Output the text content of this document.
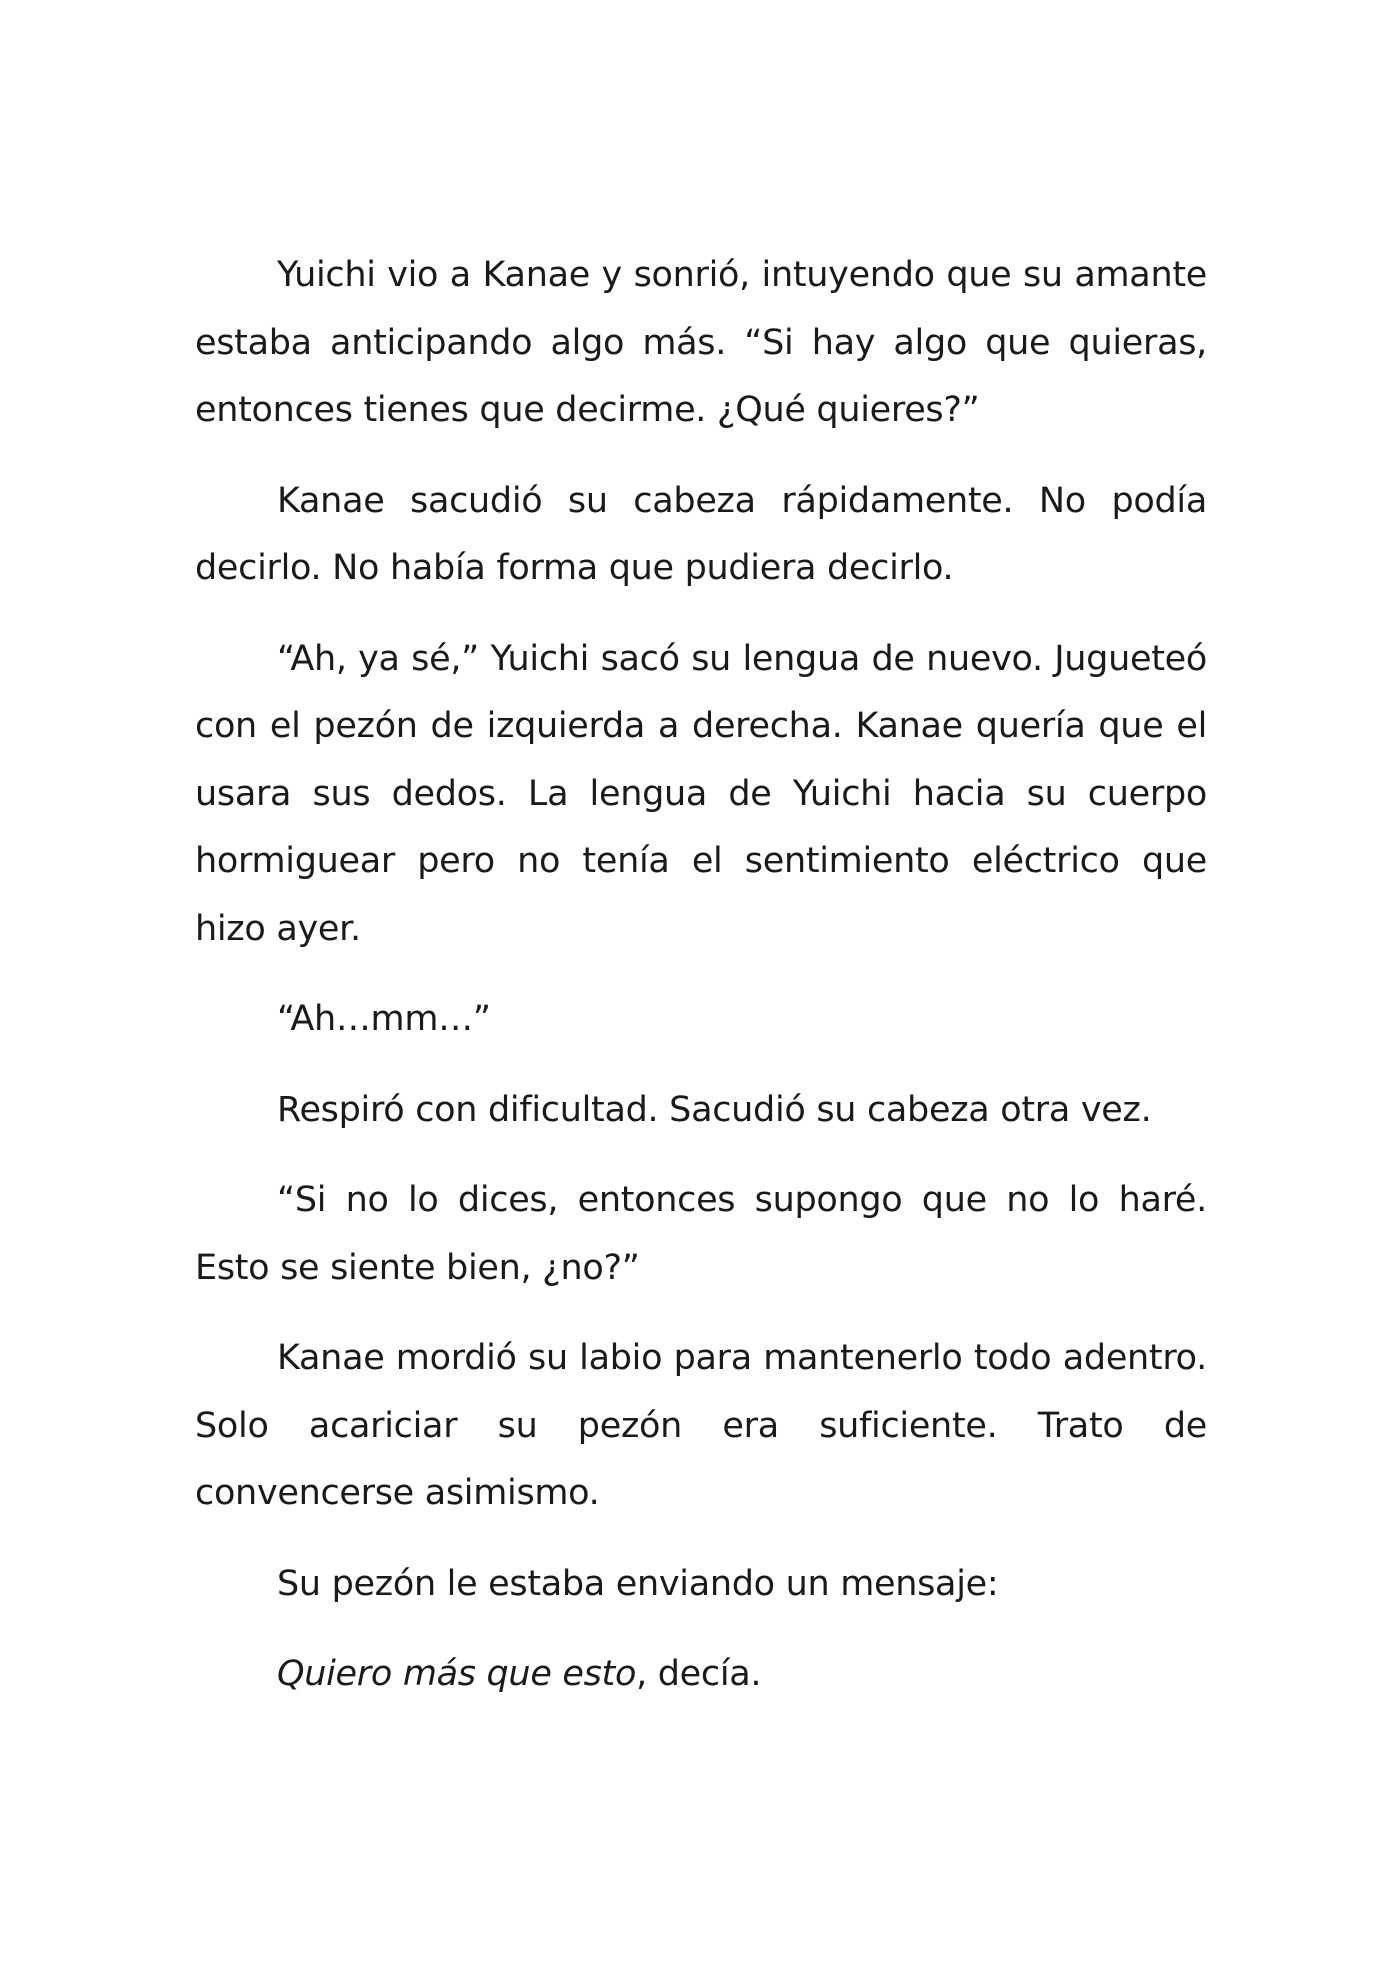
Yuichi vio a Kanae y sonrió, intuyendo que su amante estaba anticipando algo más. “Si hay algo que quieras, entonces tienes que decirme. ¿Qué quieres?”

Kanae sacudió su cabeza rápidamente. No podía decirlo. No había forma que pudiera decirlo.

“Ah, ya sé,” Yuichi sacó su lengua de nuevo. Jugueteó con el pezón de izquierda a derecha. Kanae quería que el usara sus dedos. La lengua de Yuichi hacia su cuerpo hormiguear pero no tenía el sentimiento eléctrico que hizo ayer.

“Ah…mm…”

Respiró con dificultad. Sacudió su cabeza otra vez.

“Si no lo dices, entonces supongo que no lo haré. Esto se siente bien, ¿no?”

Kanae mordió su labio para mantenerlo todo adentro. Solo acariciar su pezón era suficiente. Trato de convencerse asimismo.

Su pezón le estaba enviando un mensaje:

Quiero más que esto, decía.
